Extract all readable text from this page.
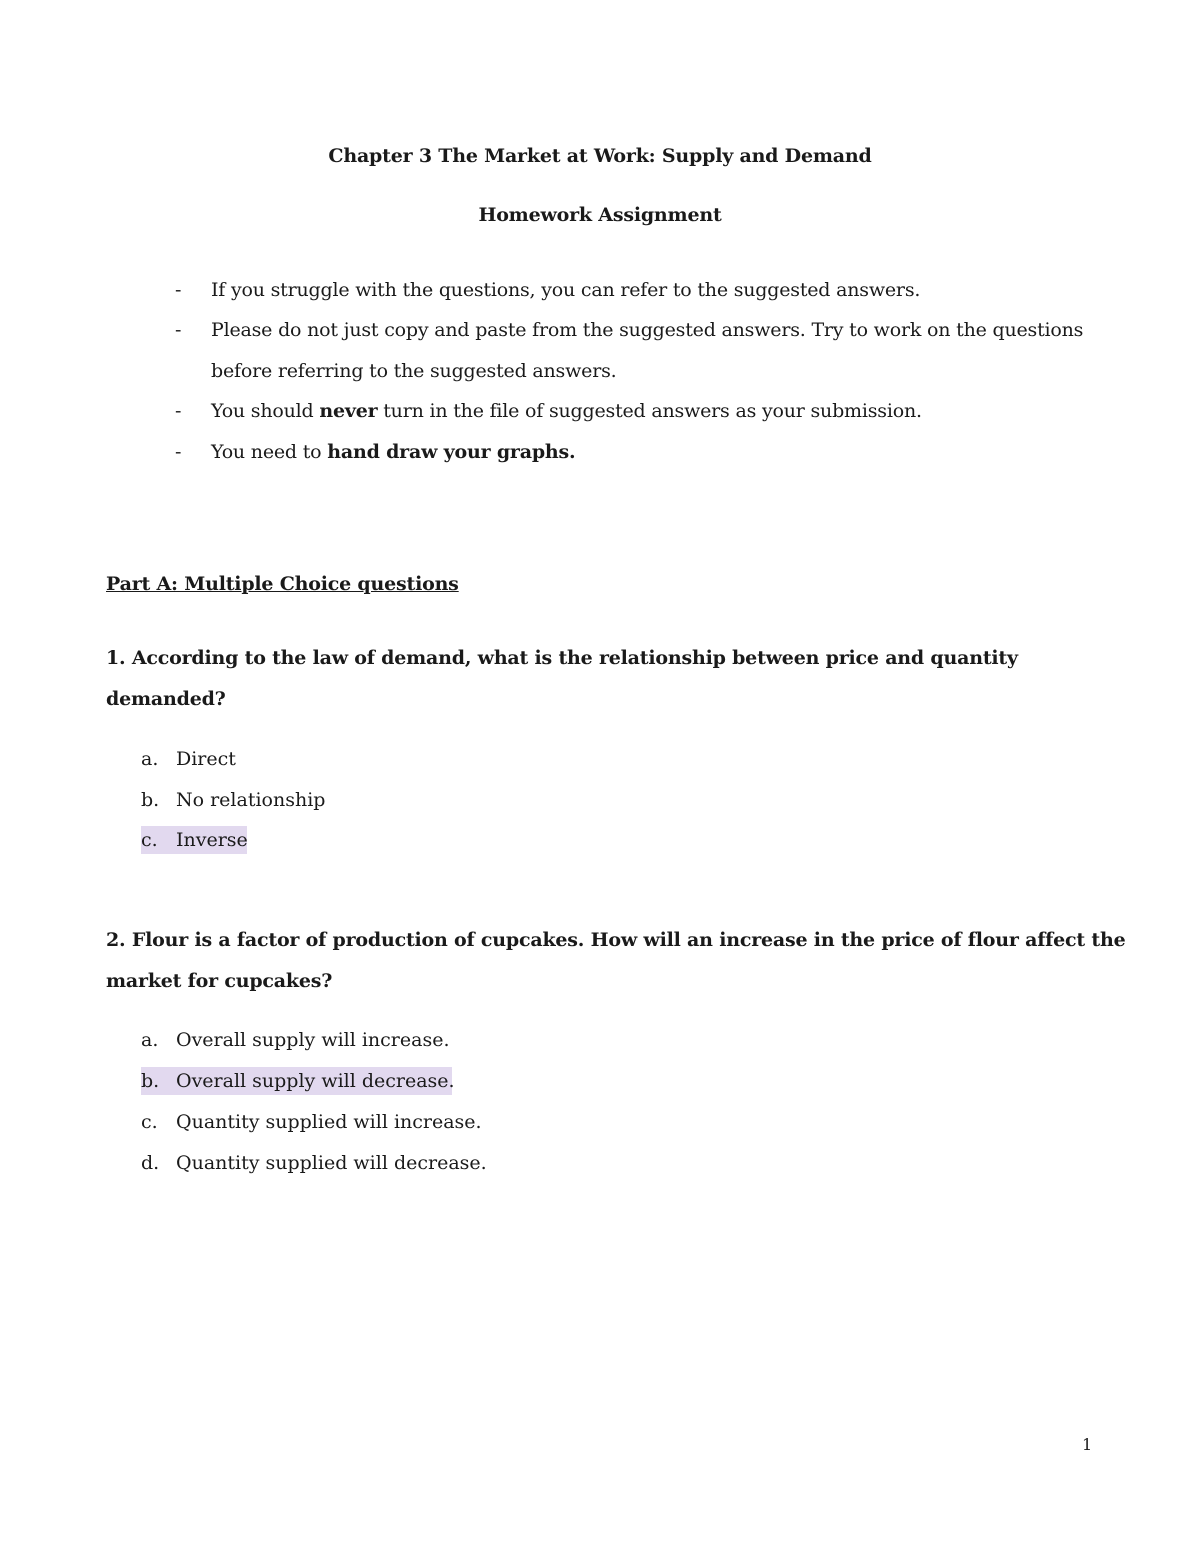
Chapter 3 The Market at Work: Supply and Demand
Homework Assignment
- If you struggle with the questions, you can refer to the suggested answers.
- Please do not just copy and paste from the suggested answers. Try to work on the questions
before referring to the suggested answers.
- You should never turn in the file of suggested answers as your submission.
- You need to hand draw your graphs.
Part A: Multiple Choice questions
1. According to the law of demand, what is the relationship between price and quantity
demanded?
a. Direct
b. No relationship
c. Inverse
2. Flour is a factor of production of cupcakes. How will an increase in the price of flour affect the
market for cupcakes?
a. Overall supply will increase.
b. Overall supply will decrease.
c. Quantity supplied will increase.
d. Quantity supplied will decrease.
1
